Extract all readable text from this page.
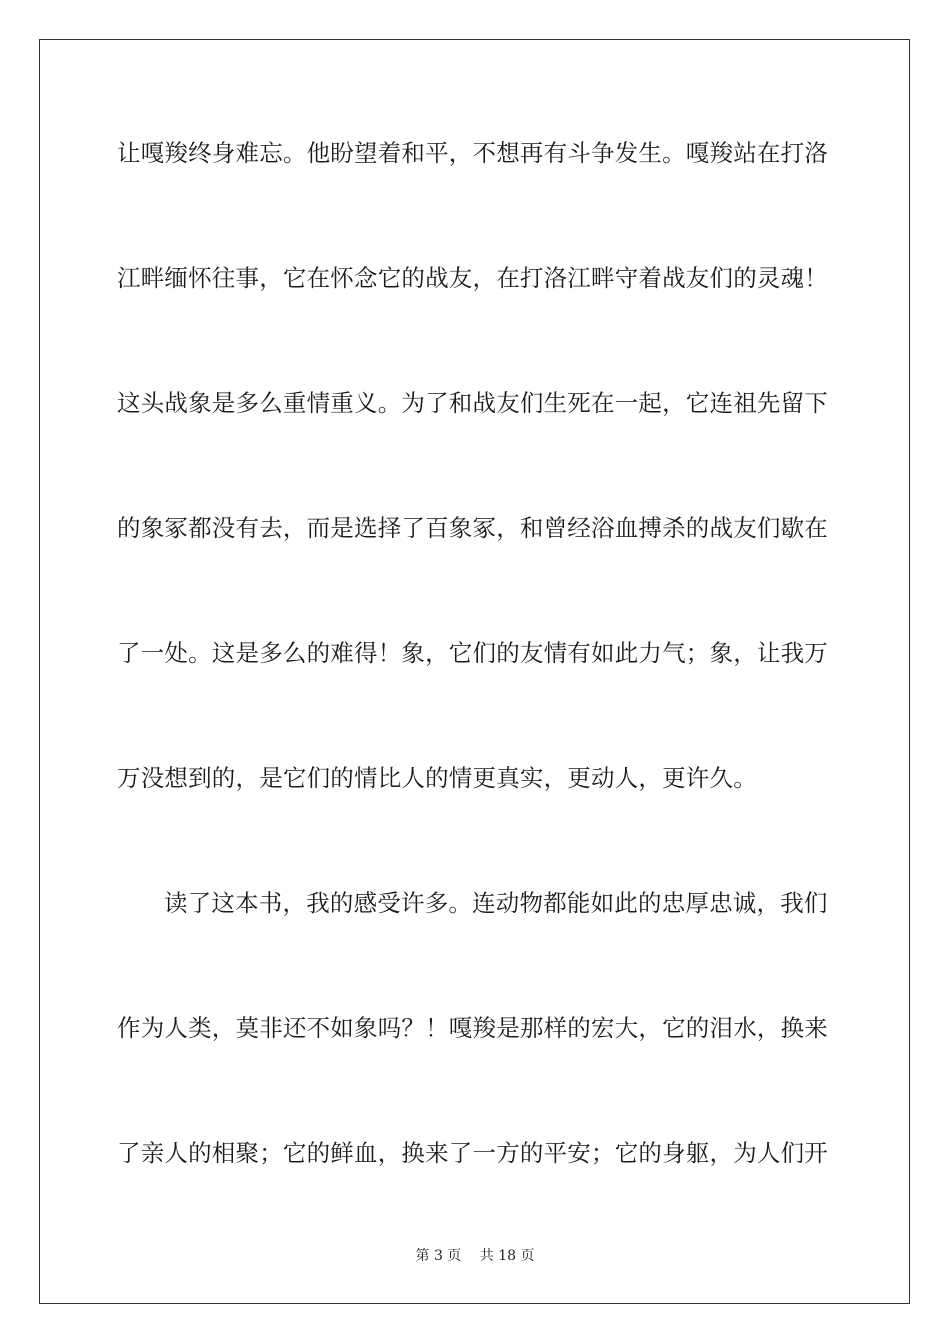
让嘎羧终身难忘。他盼望着和平，不想再有斗争发生。嘎羧站在打洛
江畔缅怀往事，它在怀念它的战友，在打洛江畔守着战友们的灵魂！
这头战象是多么重情重义。为了和战友们生死在一起，它连祖先留下
的象冢都没有去，而是选择了百象冢，和曾经浴血搏杀的战友们歇在
了一处。这是多么的难得！象，它们的友情有如此力气；象，让我万
万没想到的，是它们的情比人的情更真实，更动人，更许久。
读了这本书，我的感受许多。连动物都能如此的忠厚忠诚，我们
作为人类，莫非还不如象吗？！嘎羧是那样的宏大，它的泪水，换来
了亲人的相聚；它的鲜血，换来了一方的平安；它的身躯，为人们开
第 3 页 共 18 页
